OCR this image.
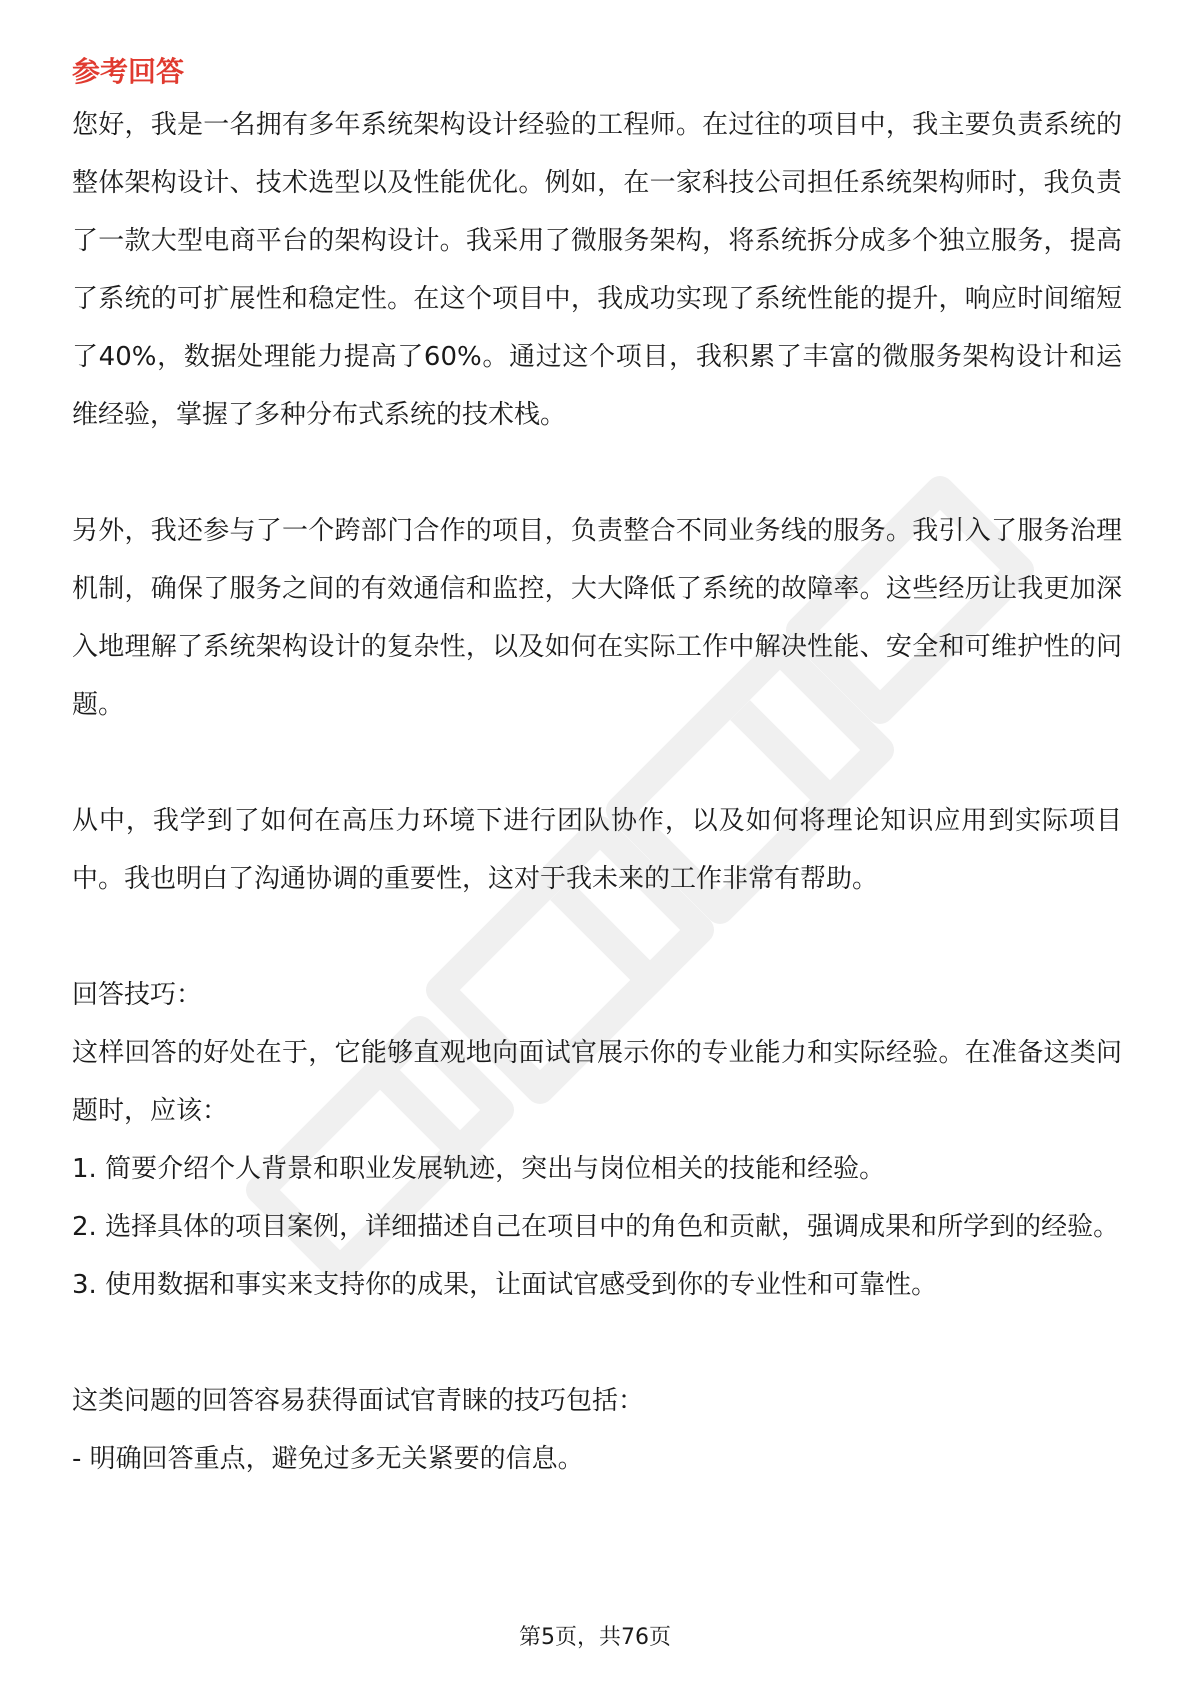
参考回答

您好，我是一名拥有多年系统架构设计经验的工程师。在过往的项目中，我主要负责系统的整体架构设计、技术选型以及性能优化。例如，在一家科技公司担任系统架构师时，我负责了一款大型电商平台的架构设计。我采用了微服务架构，将系统拆分成多个独立服务，提高了系统的可扩展性和稳定性。在这个项目中，我成功实现了系统性能的提升，响应时间缩短了40%，数据处理能力提高了60%。通过这个项目，我积累了丰富的微服务架构设计和运维经验，掌握了多种分布式系统的技术栈。

另外，我还参与了一个跨部门合作的项目，负责整合不同业务线的服务。我引入了服务治理机制，确保了服务之间的有效通信和监控，大大降低了系统的故障率。这些经历让我更加深入地理解了系统架构设计的复杂性，以及如何在实际工作中解决性能、安全和可维护性的问题。

从中，我学到了如何在高压力环境下进行团队协作，以及如何将理论知识应用到实际项目中。我也明白了沟通协调的重要性，这对于我未来的工作非常有帮助。

回答技巧：

这样回答的好处在于，它能够直观地向面试官展示你的专业能力和实际经验。在准备这类问题时，应该：

1. 简要介绍个人背景和职业发展轨迹，突出与岗位相关的技能和经验。

2. 选择具体的项目案例，详细描述自己在项目中的角色和贡献，强调成果和所学到的经验。

3. 使用数据和事实来支持你的成果，让面试官感受到你的专业性和可靠性。

这类问题的回答容易获得面试官青睐的技巧包括：

- 明确回答重点，避免过多无关紧要的信息。

第5页，共76页
